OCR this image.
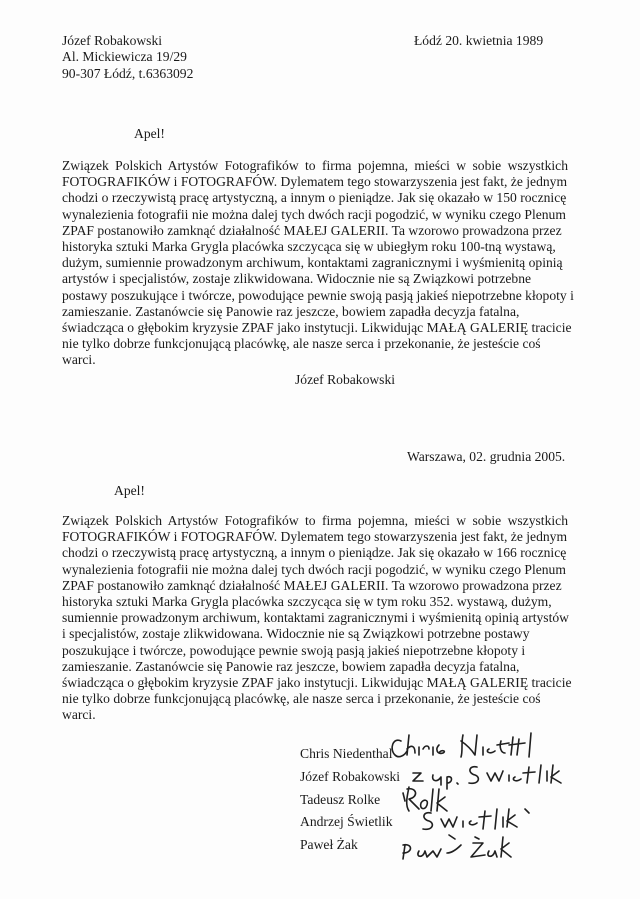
Józef Robakowski
Al. Mickiewicza 19/29
90-307 Łódź, t.6363092
Łódź 20. kwietnia 1989
Apel!
Związek Polskich Artystów Fotografików to firma pojemna, mieści w sobie wszystkich
FOTOGRAFIKÓW i FOTOGRAFÓW. Dylematem tego stowarzyszenia jest fakt, że jednym
chodzi o rzeczywistą pracę artystyczną, a innym o pieniądze. Jak się okazało w 150 rocznicę
wynalezienia fotografii nie można dalej tych dwóch racji pogodzić, w wyniku czego Plenum
ZPAF postanowiło zamknąć działalność MAŁEJ GALERII. Ta wzorowo prowadzona przez
historyka sztuki Marka Grygla placówka szczycąca się w ubiegłym roku 100-tną wystawą,
dużym, sumiennie prowadzonym archiwum, kontaktami zagranicznymi i wyśmienitą opinią
artystów i specjalistów, zostaje zlikwidowana. Widocznie nie są Związkowi potrzebne
postawy poszukujące i twórcze, powodujące pewnie swoją pasją jakieś niepotrzebne kłopoty i
zamieszanie. Zastanówcie się Panowie raz jeszcze, bowiem zapadła decyzja fatalna,
świadcząca o głębokim kryzysie ZPAF jako instytucji. Likwidując MAŁĄ GALERIĘ tracicie
nie tylko dobrze funkcjonującą placówkę, ale nasze serca i przekonanie, że jesteście coś
warci.
Józef Robakowski
Warszawa, 02. grudnia 2005.
Apel!
Związek Polskich Artystów Fotografików to firma pojemna, mieści w sobie wszystkich
FOTOGRAFIKÓW i FOTOGRAFÓW. Dylematem tego stowarzyszenia jest fakt, że jednym
chodzi o rzeczywistą pracę artystyczną, a innym o pieniądze. Jak się okazało w 166 rocznicę
wynalezienia fotografii nie można dalej tych dwóch racji pogodzić, w wyniku czego Plenum
ZPAF postanowiło zamknąć działalność MAŁEJ GALERII. Ta wzorowo prowadzona przez
historyka sztuki Marka Grygla placówka szczycąca się w tym roku 352. wystawą, dużym,
sumiennie prowadzonym archiwum, kontaktami zagranicznymi i wyśmienitą opinią artystów
i specjalistów, zostaje zlikwidowana. Widocznie nie są Związkowi potrzebne postawy
poszukujące i twórcze, powodujące pewnie swoją pasją jakieś niepotrzebne kłopoty i
zamieszanie. Zastanówcie się Panowie raz jeszcze, bowiem zapadła decyzja fatalna,
świadcząca o głębokim kryzysie ZPAF jako instytucji. Likwidując MAŁĄ GALERIĘ tracicie
nie tylko dobrze funkcjonującą placówkę, ale nasze serca i przekonanie, że jesteście coś
warci.
Chris Niedenthal
Józef Robakowski
Tadeusz Rolke
Andrzej Świetlik
Paweł Żak
